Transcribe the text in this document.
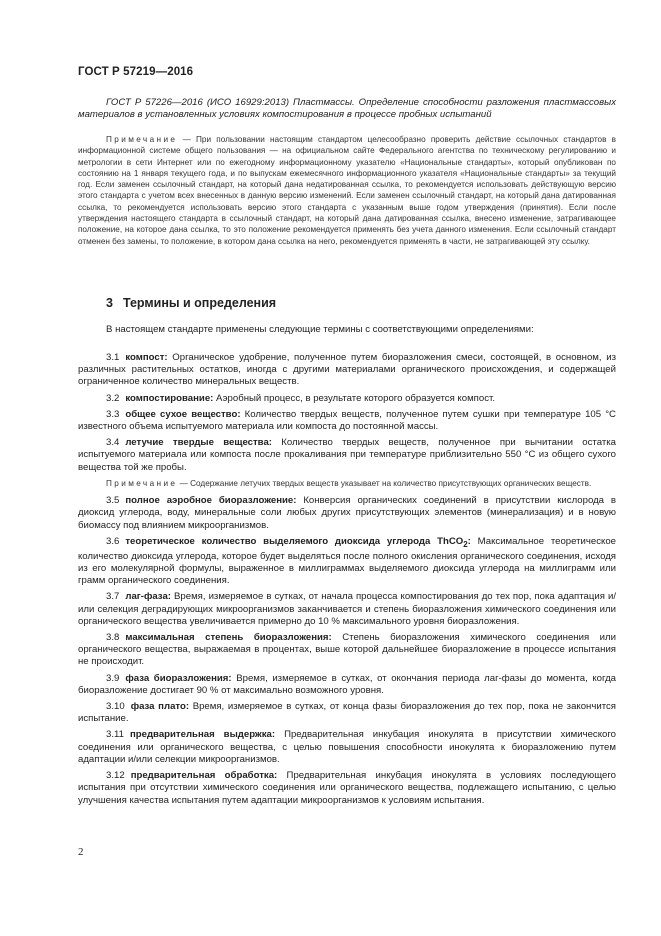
ГОСТ Р 57219—2016
ГОСТ Р 57226—2016 (ИСО 16929:2013) Пластмассы. Определение способности разложения пластмассовых материалов в установленных условиях компостирования в процессе пробных испытаний
Примечание — При пользовании настоящим стандартом целесообразно проверить действие ссылочных стандартов в информационной системе общего пользования — на официальном сайте Федерального агентства по техническому регулированию и метрологии в сети Интернет или по ежегодному информационному указателю «Национальные стандарты», который опубликован по состоянию на 1 января текущего года, и по выпускам ежемесячного информационного указателя «Национальные стандарты» за текущий год. Если заменен ссылочный стандарт, на который дана недатированная ссылка, то рекомендуется использовать действующую версию этого стандарта с учетом всех внесенных в данную версию изменений. Если заменен ссылочный стандарт, на который дана датированная ссылка, то рекомендуется использовать версию этого стандарта с указанным выше годом утверждения (принятия). Если после утверждения настоящего стандарта в ссылочный стандарт, на который дана датированная ссылка, внесено изменение, затрагивающее положение, на которое дана ссылка, то это положение рекомендуется применять без учета данного изменения. Если ссылочный стандарт отменен без замены, то положение, в котором дана ссылка на него, рекомендуется применять в части, не затрагивающей эту ссылку.
3 Термины и определения
В настоящем стандарте применены следующие термины с соответствующими определениями:

3.1 компост: Органическое удобрение, полученное путем биоразложения смеси, состоящей, в основном, из различных растительных остатков, иногда с другими материалами органического происхождения, и содержащей ограниченное количество минеральных веществ.

3.2 компостирование: Аэробный процесс, в результате которого образуется компост.

3.3 общее сухое вещество: Количество твердых веществ, полученное путем сушки при температуре 105 °С известного объема испытуемого материала или компоста до постоянной массы.

3.4 летучие твердые вещества: Количество твердых веществ, полученное при вычитании остатка испытуемого материала или компоста после прокаливания при температуре приблизительно 550 °С из общего сухого вещества той же пробы.

Примечание — Содержание летучих твердых веществ указывает на количество присутствующих органических веществ.

3.5 полное аэробное биоразложение: Конверсия органических соединений в присутствии кислорода в диоксид углерода, воду, минеральные соли любых других присутствующих элементов (минерализация) и в новую биомассу под влиянием микроорганизмов.

3.6 теоретическое количество выделяемого диоксида углерода ThCO$_2$: Максимальное теоретическое количество диоксида углерода, которое будет выделяться после полного окисления органического соединения, исходя из его молекулярной формулы, выраженное в миллиграммах выделяемого диоксида углерода на миллиграмм или грамм органического соединения.

3.7 лаг-фаза: Время, измеряемое в сутках, от начала процесса компостирования до тех пор, пока адаптация и/или селекция деградирующих микроорганизмов заканчивается и степень биоразложения химического соединения или органического вещества увеличивается примерно до 10 % максимального уровня биоразложения.

3.8 максимальная степень биоразложения: Степень биоразложения химического соединения или органического вещества, выражаемая в процентах, выше которой дальнейшее биоразложение в процессе испытания не происходит.

3.9 фаза биоразложения: Время, измеряемое в сутках, от окончания периода лаг-фазы до момента, когда биоразложение достигает 90 % от максимально возможного уровня.

3.10 фаза плато: Время, измеряемое в сутках, от конца фазы биоразложения до тех пор, пока не закончится испытание.

3.11 предварительная выдержка: Предварительная инкубация инокулята в присутствии химического соединения или органического вещества, с целью повышения способности инокулята к биоразложению путем адаптации и/или селекции микроорганизмов.

3.12 предварительная обработка: Предварительная инкубация инокулята в условиях последующего испытания при отсутствии химического соединения или органического вещества, подлежащего испытанию, с целью улучшения качества испытания путем адаптации микроорганизмов к условиям испытания.

2
